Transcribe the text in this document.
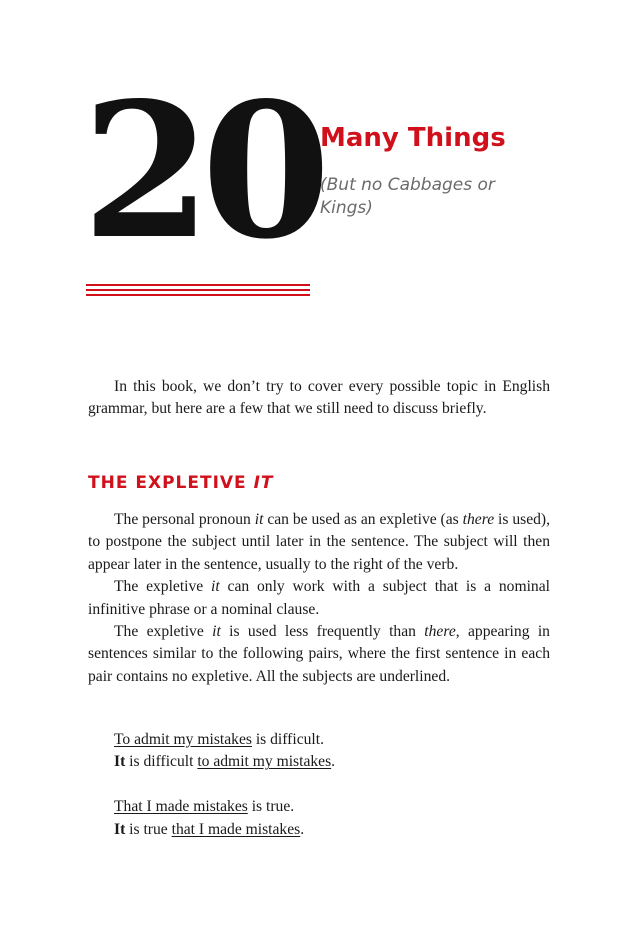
20 Many Things

(But no Cabbages or Kings)

In this book, we don’t try to cover every possible topic in English grammar, but here are a few that we still need to discuss briefly.

THE EXPLETIVE IT

The personal pronoun it can be used as an expletive (as there is used), to postpone the subject until later in the sentence. The subject will then appear later in the sentence, usually to the right of the verb.

The expletive it can only work with a subject that is a nominal infinitive phrase or a nominal clause.

The expletive it is used less frequently than there, appearing in sentences similar to the following pairs, where the first sentence in each pair contains no expletive. All the subjects are underlined.

To admit my mistakes is difficult.

It is difficult to admit my mistakes.

That I made mistakes is true.

It is true that I made mistakes.
